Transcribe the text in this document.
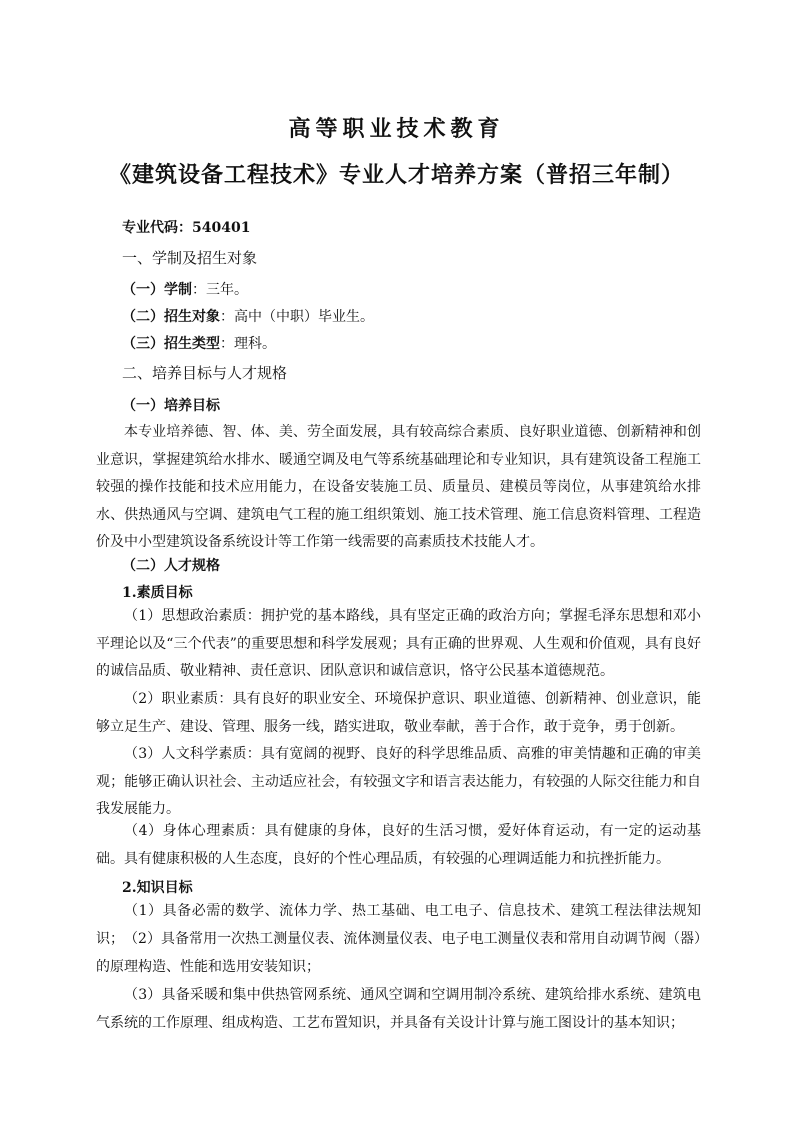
高等职业技术教育
《建筑设备工程技术》专业人才培养方案（普招三年制）
专业代码：540401
一、学制及招生对象
（一）学制：三年。
（二）招生对象：高中（中职）毕业生。
（三）招生类型：理科。
二、培养目标与人才规格
（一）培养目标
本专业培养德、智、体、美、劳全面发展，具有较高综合素质、良好职业道德、创新精神和创业意识，掌握建筑给水排水、暖通空调及电气等系统基础理论和专业知识，具有建筑设备工程施工较强的操作技能和技术应用能力，在设备安装施工员、质量员、建模员等岗位，从事建筑给水排水、供热通风与空调、建筑电气工程的施工组织策划、施工技术管理、施工信息资料管理、工程造价及中小型建筑设备系统设计等工作第一线需要的高素质技术技能人才。
（二）人才规格
1.素质目标
（1）思想政治素质：拥护党的基本路线，具有坚定正确的政治方向；掌握毛泽东思想和邓小平理论以及“三个代表”的重要思想和科学发展观；具有正确的世界观、人生观和价值观，具有良好的诚信品质、敬业精神、责任意识、团队意识和诚信意识，恪守公民基本道德规范。
（2）职业素质：具有良好的职业安全、环境保护意识、职业道德、创新精神、创业意识，能够立足生产、建设、管理、服务一线，踏实进取，敬业奉献，善于合作，敢于竞争，勇于创新。
（3）人文科学素质：具有宽阔的视野、良好的科学思维品质、高雅的审美情趣和正确的审美观；能够正确认识社会、主动适应社会，有较强文字和语言表达能力，有较强的人际交往能力和自我发展能力。
（4）身体心理素质：具有健康的身体，良好的生活习惯，爱好体育运动，有一定的运动基础。具有健康积极的人生态度，良好的个性心理品质，有较强的心理调适能力和抗挫折能力。
2.知识目标
（1）具备必需的数学、流体力学、热工基础、电工电子、信息技术、建筑工程法律法规知识； （2）具备常用一次热工测量仪表、流体测量仪表、电子电工测量仪表和常用自动调节阀（器）的原理构造、性能和选用安装知识；
（3）具备采暖和集中供热管网系统、通风空调和空调用制冷系统、建筑给排水系统、建筑电气系统的工作原理、组成构造、工艺布置知识，并具备有关设计计算与施工图设计的基本知识；
